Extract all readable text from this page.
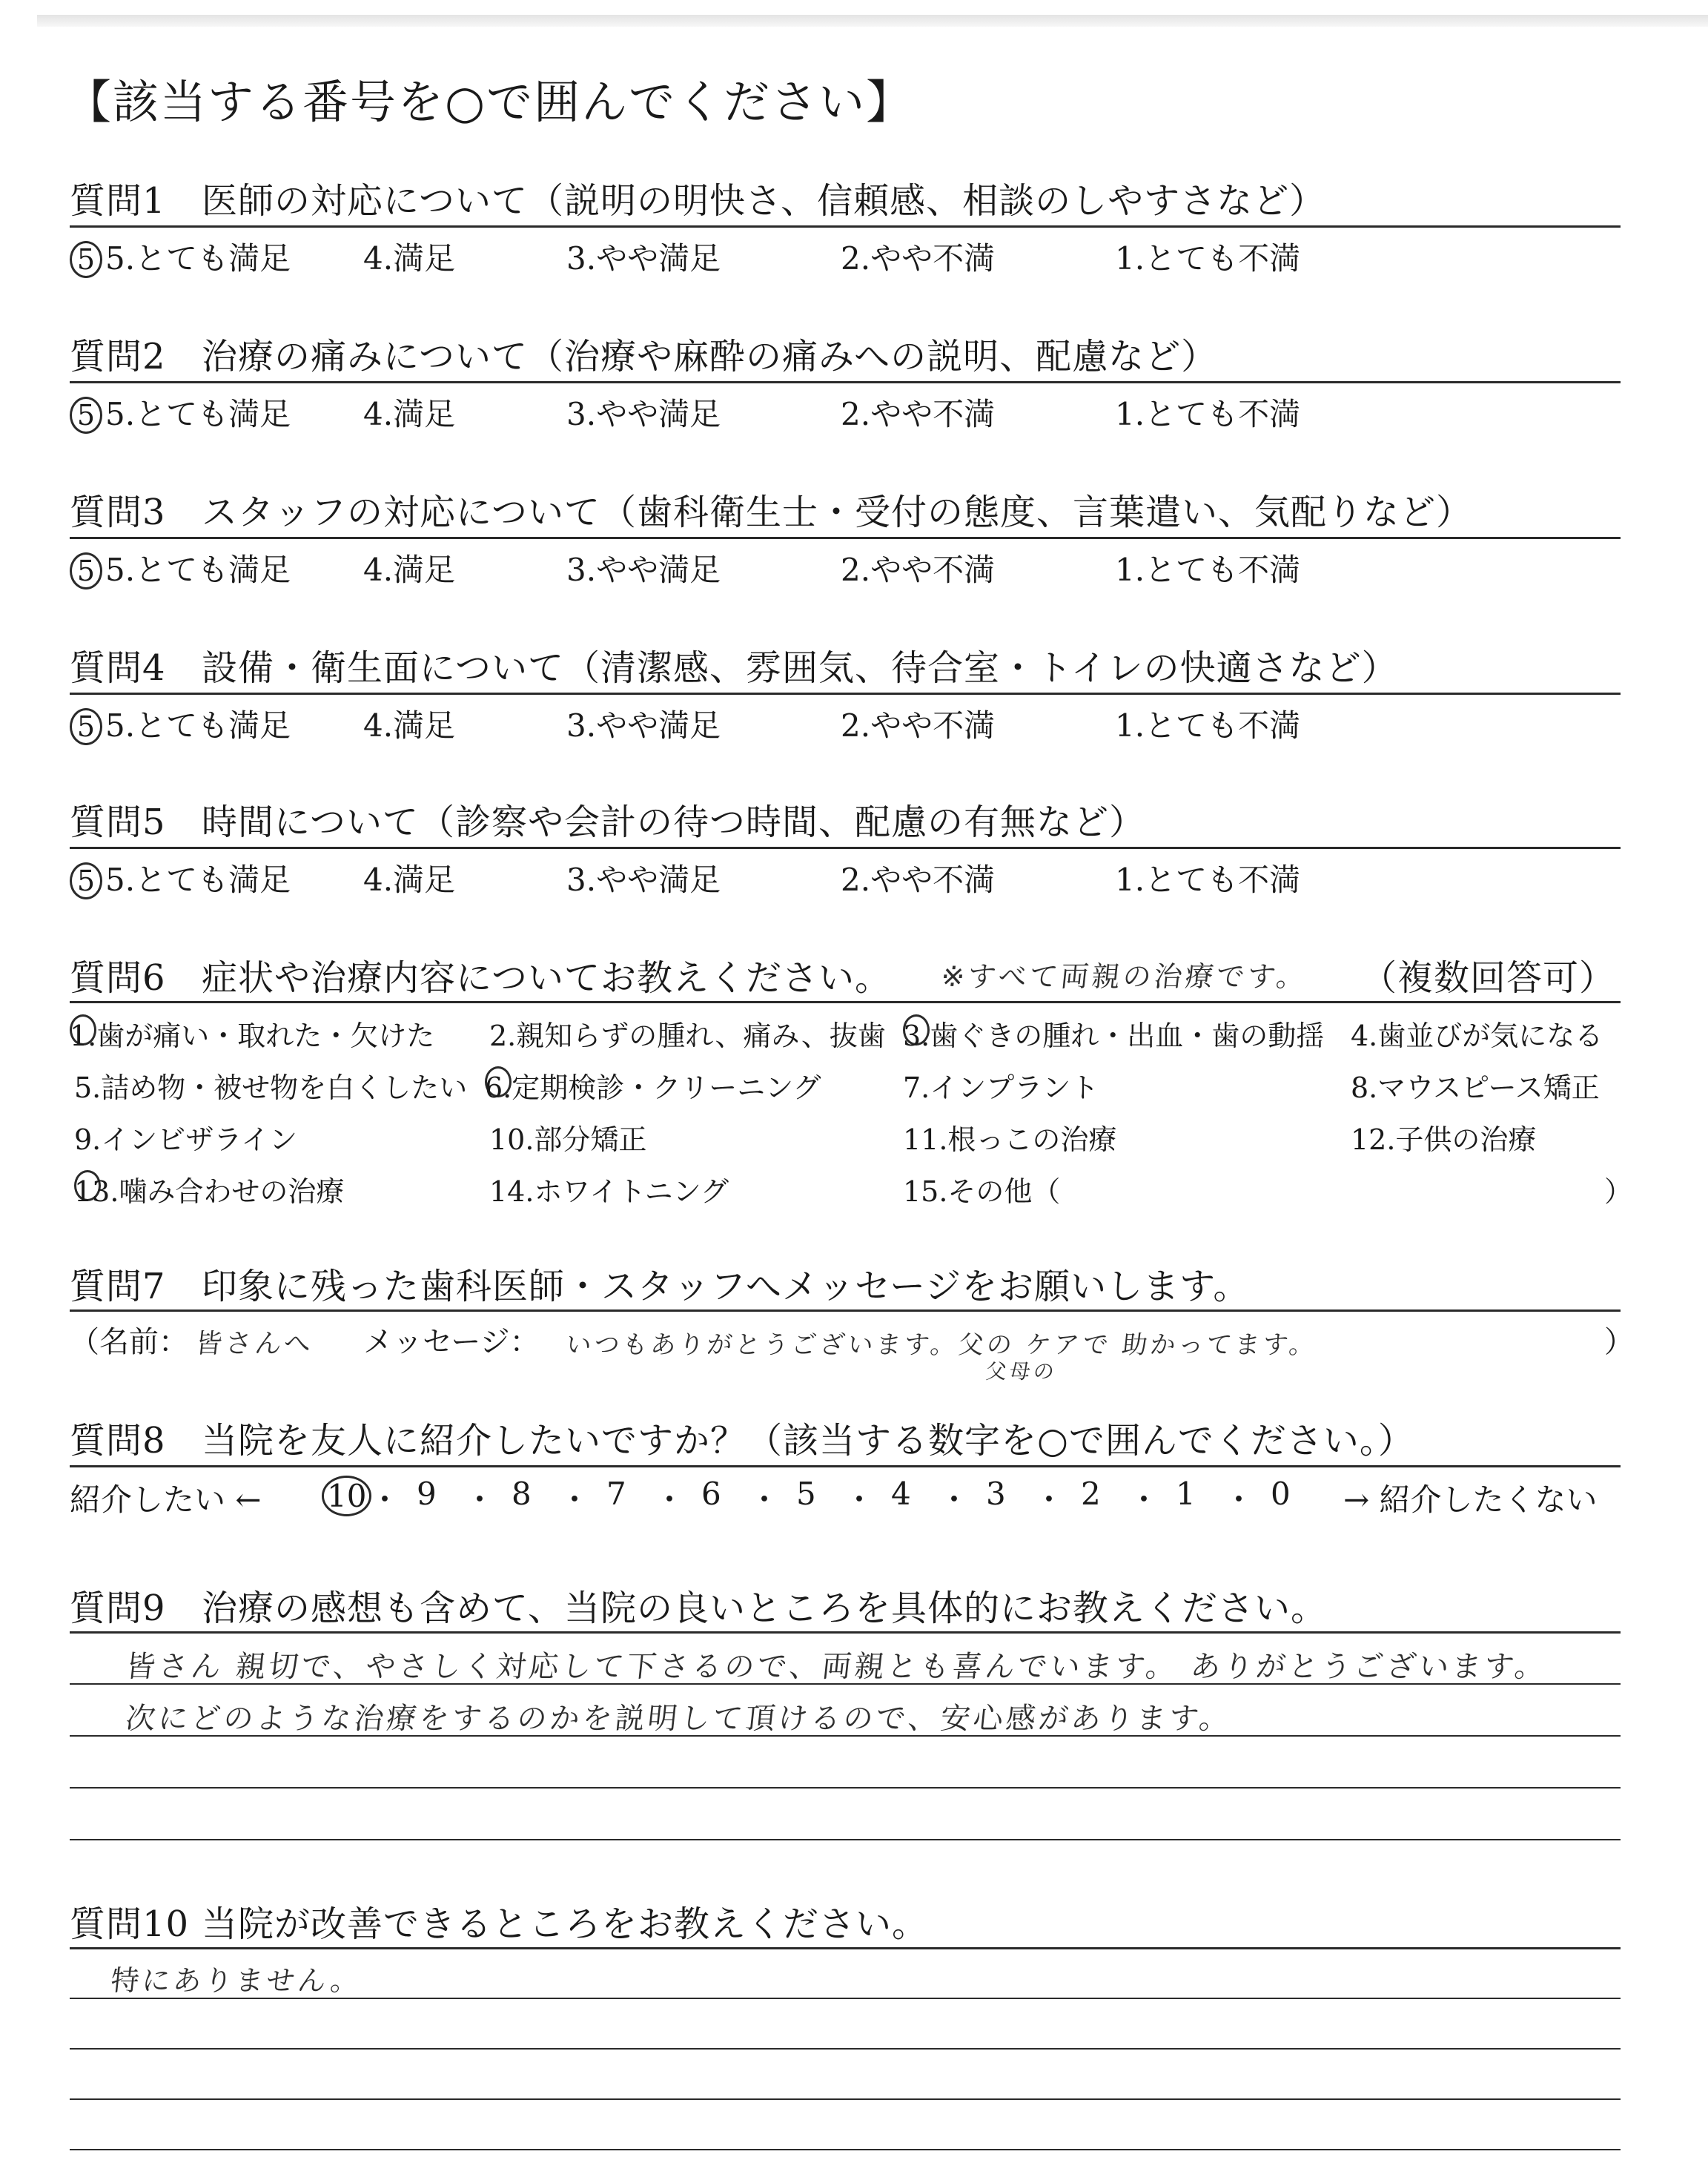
【該当する番号を○で囲んでください】
質問1 医師の対応について（説明の明快さ、信頼感、相談のしやすさなど）
5 5.とても満足 4.満足	3.やや満足	2.やや不満	1.とても不満
質問2 治療の痛みについて（治療や麻酔の痛みへの説明、配慮など）
5 5.とても満足 4.満足	3.やや満足	2.やや不満	1.とても不満
質問3 スタッフの対応について（歯科衛生士・受付の態度、言葉遣い、気配りなど）
5 5.とても満足 4.満足	3.やや満足	2.やや不満	1.とても不満
質問4 設備・衛生面について（清潔感、雰囲気、待合室・トイレの快適さなど）
5 5.とても満足 4.満足	3.やや満足	2.やや不満	1.とても不満
質問5 時間について（診察や会計の待つ時間、配慮の有無など）
5 5.とても満足 4.満足	3.やや満足	2.やや不満	1.とても不満
質問6 症状や治療内容についてお教えください。 ※すべて両親の治療です。 （複数回答可）
1.歯が痛い・取れた・欠けた 2.親知らずの腫れ、痛み、抜歯 3.歯ぐきの腫れ・出血・歯の動揺 4.歯並びが気になる
5.詰め物・被せ物を白くしたい 6.定期検診・クリーニング	7.インプラント	8.マウスピース矯正
9.インビザライン	10.部分矯正	11.根っこの治療	12.子供の治療
13.噛み合わせの治療	14.ホワイトニング	15.その他（	）
質問7 印象に残った歯科医師・スタッフへメッセージをお願いします。
（名前： 皆さんへ メッセージ： いつもありがとうございます。父の ケアで 助かってます。
父母の
）
質問8 当院を友人に紹介したいですか？（該当する数字を○で囲んでください。）
紹介したい ← 10 ・ 9 ・ 8 ・ 7 ・ 6 ・ 5 ・ 4 ・ 3 ・ 2 ・ 1 ・ 0 → 紹介したくない
質問9 治療の感想も含めて、当院の良いところを具体的にお教えください。
皆さん 親切で、やさしく対応して下さるので、両親とも喜んでいます。 ありがとうございます。
次にどのような治療をするのかを説明して頂けるので、安心感があります。
質問10 当院が改善できるところをお教えください。
特にありません。
